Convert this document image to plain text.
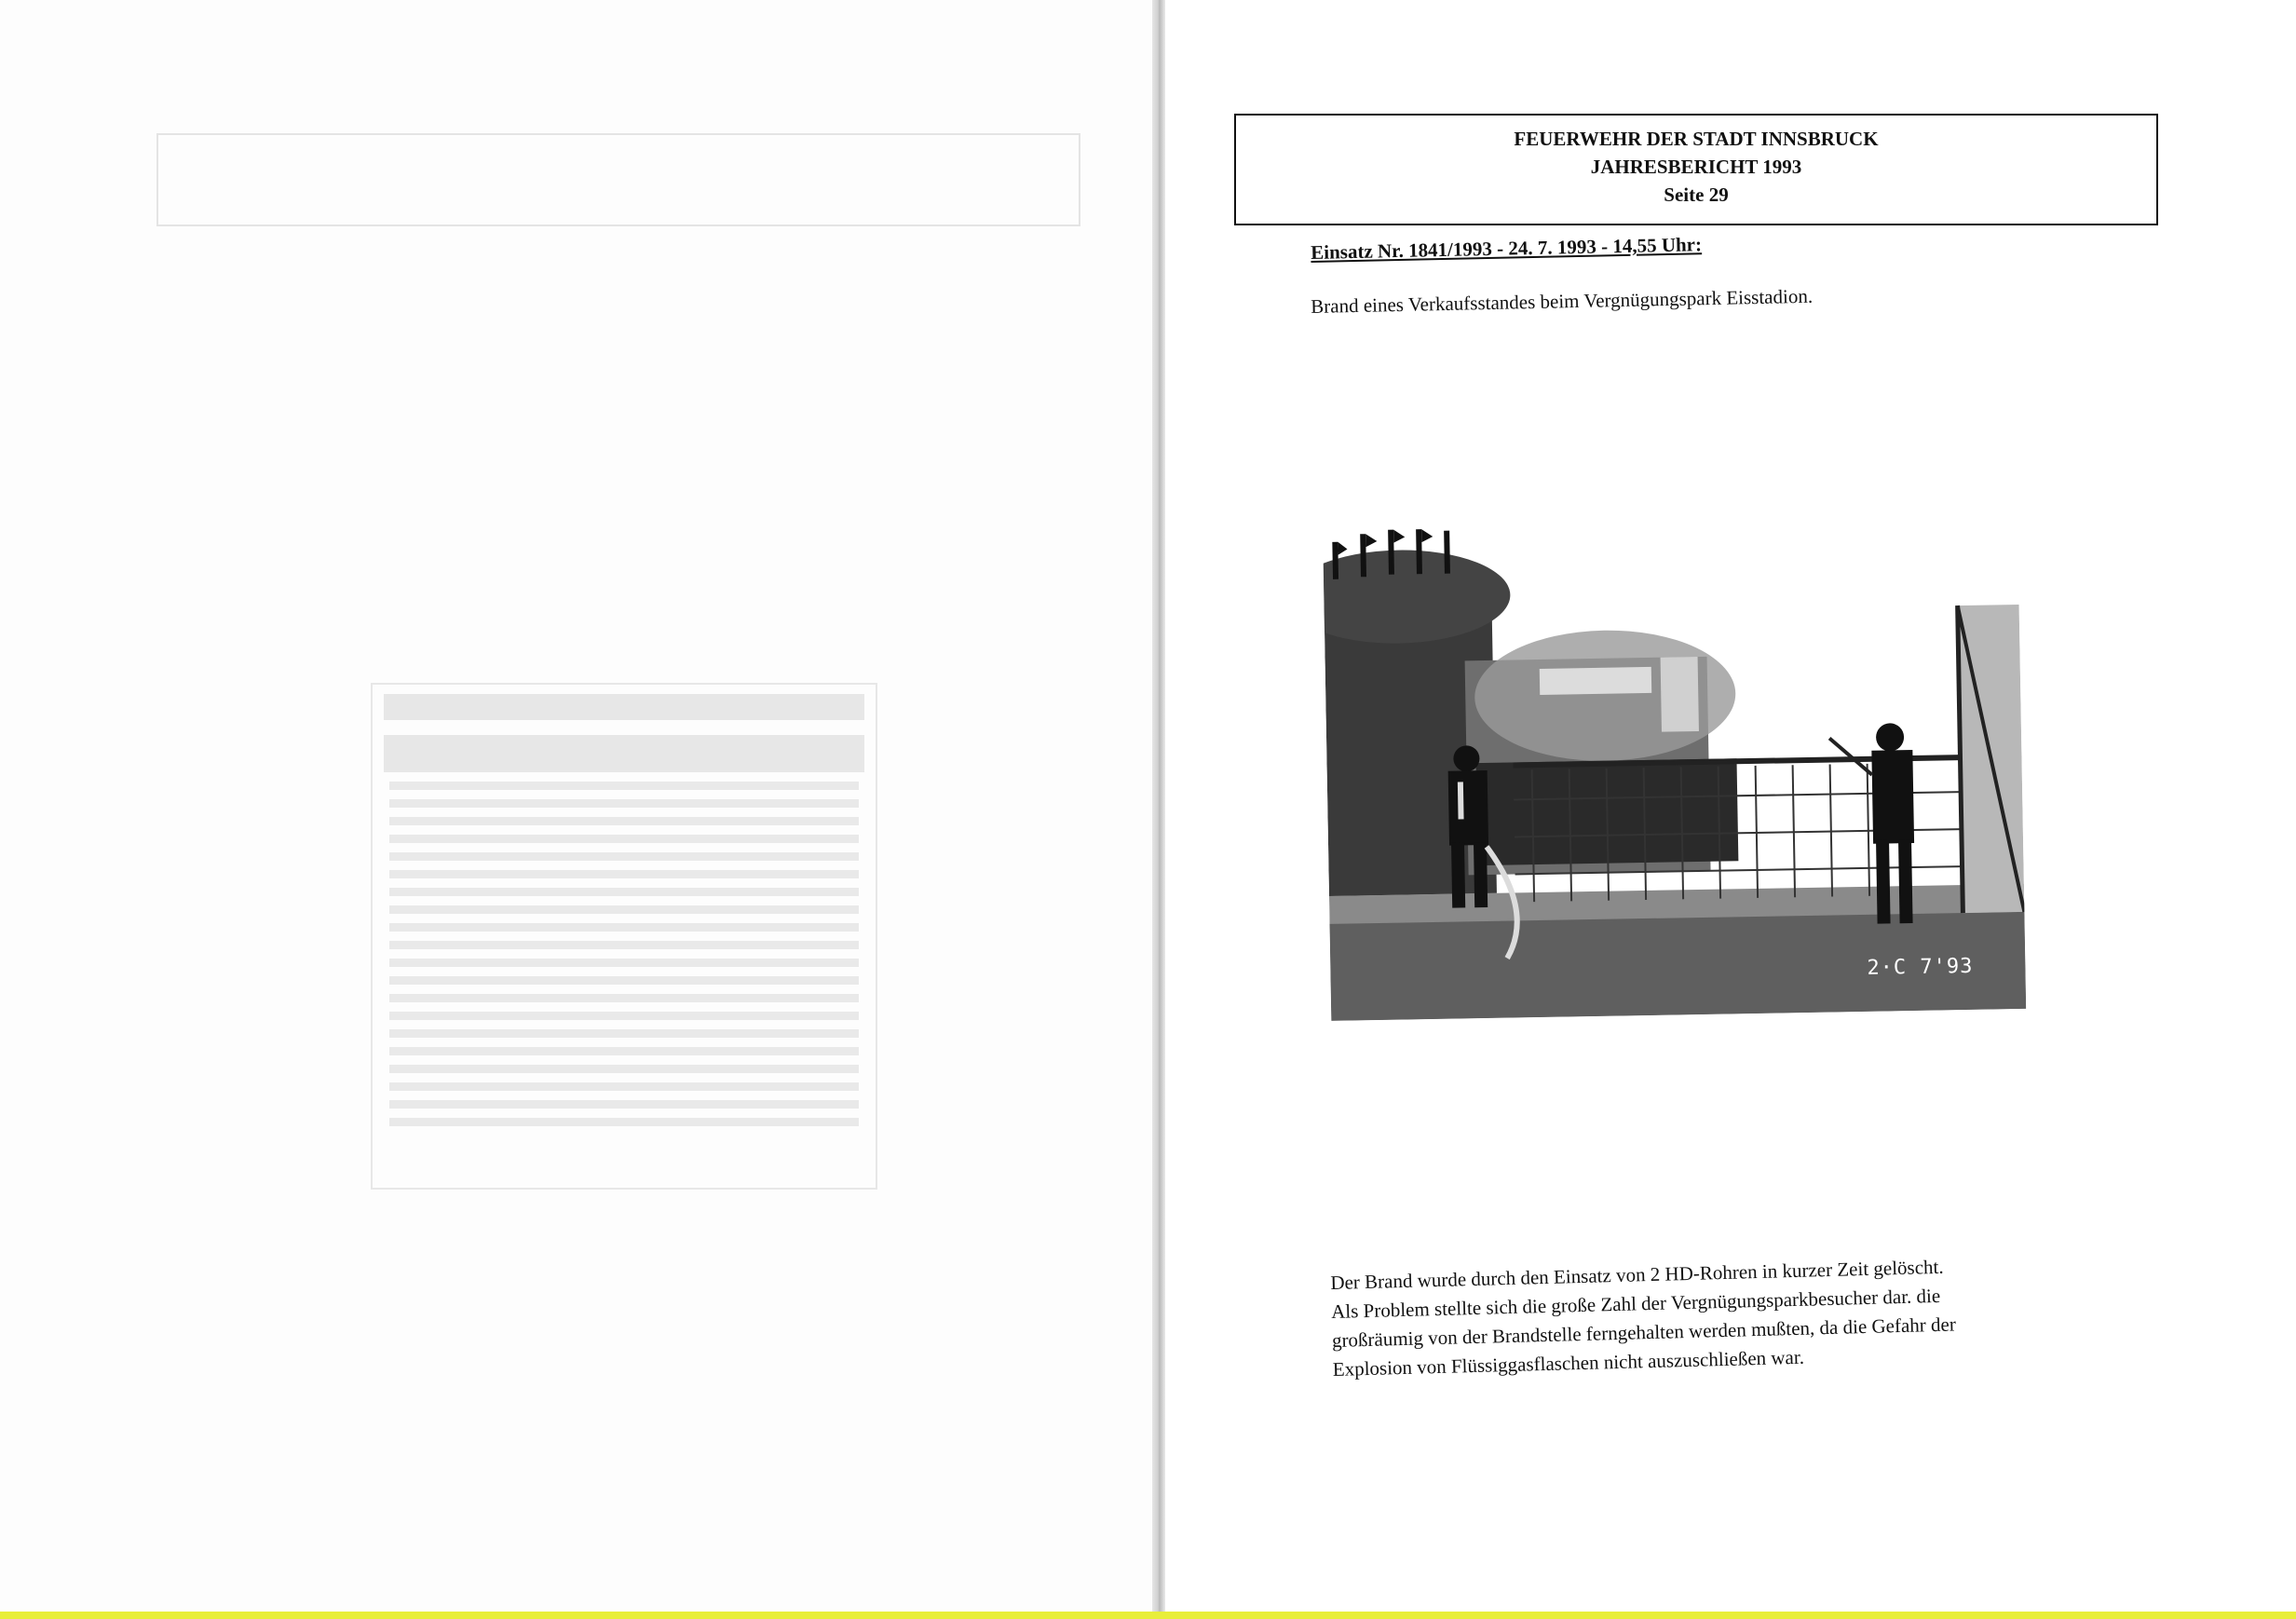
FEUERWEHR DER STADT INNSBRUCK
JAHRESBERICHT 1993
Seite 29
Einsatz Nr. 1841/1993 - 24. 7. 1993 - 14,55 Uhr:
Brand eines Verkaufsstandes beim Vergnügungspark Eisstadion.
2·C 7'93

Der Brand wurde durch den Einsatz von 2 HD-Rohren in kurzer Zeit gelöscht.

Als Problem stellte sich die große Zahl der Vergnügungsparkbesucher dar. die

großräumig von der Brandstelle ferngehalten werden mußten, da die Gefahr der

Explosion von Flüssiggasflaschen nicht auszuschließen war.
